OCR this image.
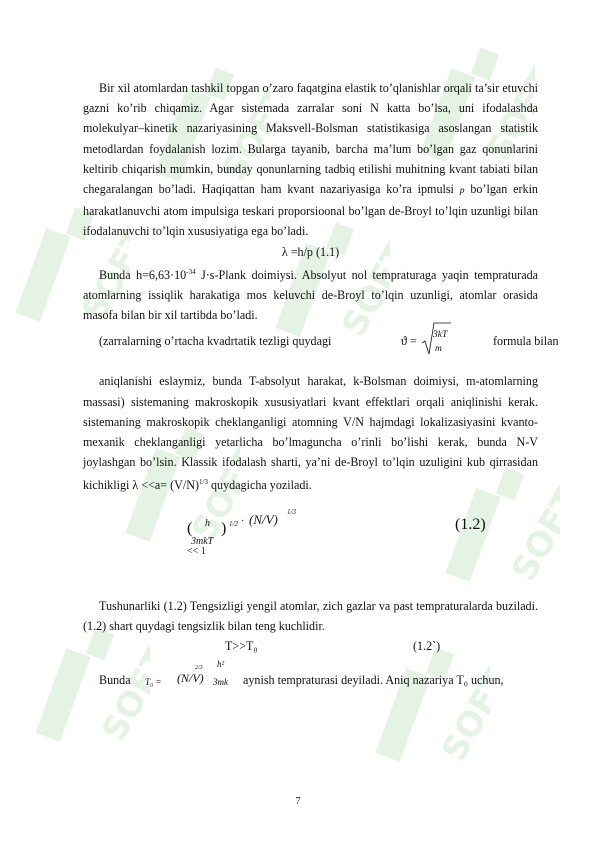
SOFT	SOFT
SOFT	SOFT
SOFT	SOFT
SOFT	SOFT

Bir xil atomlardan tashkil topgan o’zaro faqatgina elastik to’qlanishlar orqali ta’sir etuvchi gazni ko’rib chiqamiz. Agar sistemada zarralar soni N katta bo’lsa, uni ifodalashda molekulyar–kinetik nazariyasining Maksvell-Bolsman statistikasiga asoslangan statistik metodlardan foydalanish lozim. Bularga tayanib, barcha ma’lum bo’lgan gaz qonunlarini keltirib chiqarish mumkin, bunday qonunlarning tadbiq etilishi muhitning kvant tabiati bilan chegaralangan bo’ladi. Haqiqattan ham kvant nazariyasiga ko’ra ipmulsi p bo’lgan erkin harakatlanuvchi atom impulsiga teskari proporsioonal bo’lgan de-Broyl to’lqin uzunligi bilan ifodalanuvchi to’lqin xususiyatiga ega bo’ladi.

λ =h/p (1.1)

Bunda $h=6,63\cdot 10^{-34}$ J·s-Plank doimiysi. Absolyut nol tempraturaga yaqin tempraturada atomlarning issiqlik harakatiga mos keluvchi de-Broyl to’lqin uzunligi, atomlar orasida masofa bilan bir xil tartibda bo’ladi.

(zarralarning o’rtacha kvadrtatik tezligi quydagi	ϑ = 3kT
m
formula bilan

aniqlanishi eslaymiz, bunda T-absolyut harakat, k-Bolsman doimiysi, m-atomlarning massasi) sistemaning makroskopik xususiyatlari kvant effektlari orqali aniqlinishi kerak. sistemaning makroskopik cheklanganligi atomning V/N hajmdagi lokalizasiyasini kvanto-mexanik cheklanganligi yetarlicha bo’lmaguncha o’rinli bo’lishi kerak, bunda N-V joylashgan bo’lsin. Klassik ifodalash sharti, ya’ni de-Broyl to’lqin uzuligini kub qirrasidan kichikligi $\lambda <<a= (V/N)^{1/3}$ quydagicha yoziladi.

h
( ) 1/2
3mkT
<< 1
· (N/V) 1/3
(1.2)

Tushunarliki (1.2) Tengsizligi yengil atomlar, zich gazlar va past tempraturalarda buziladi. (1.2) shart quydagi tengsizlik bilan teng kuchlidir.

T>>T₀	(1.2`)
Bunda T₀ =
2/3
(N/V)
h²
3mk aynish tempraturasi deyiladi. Aniq nazariya T₀ uchun,
7
